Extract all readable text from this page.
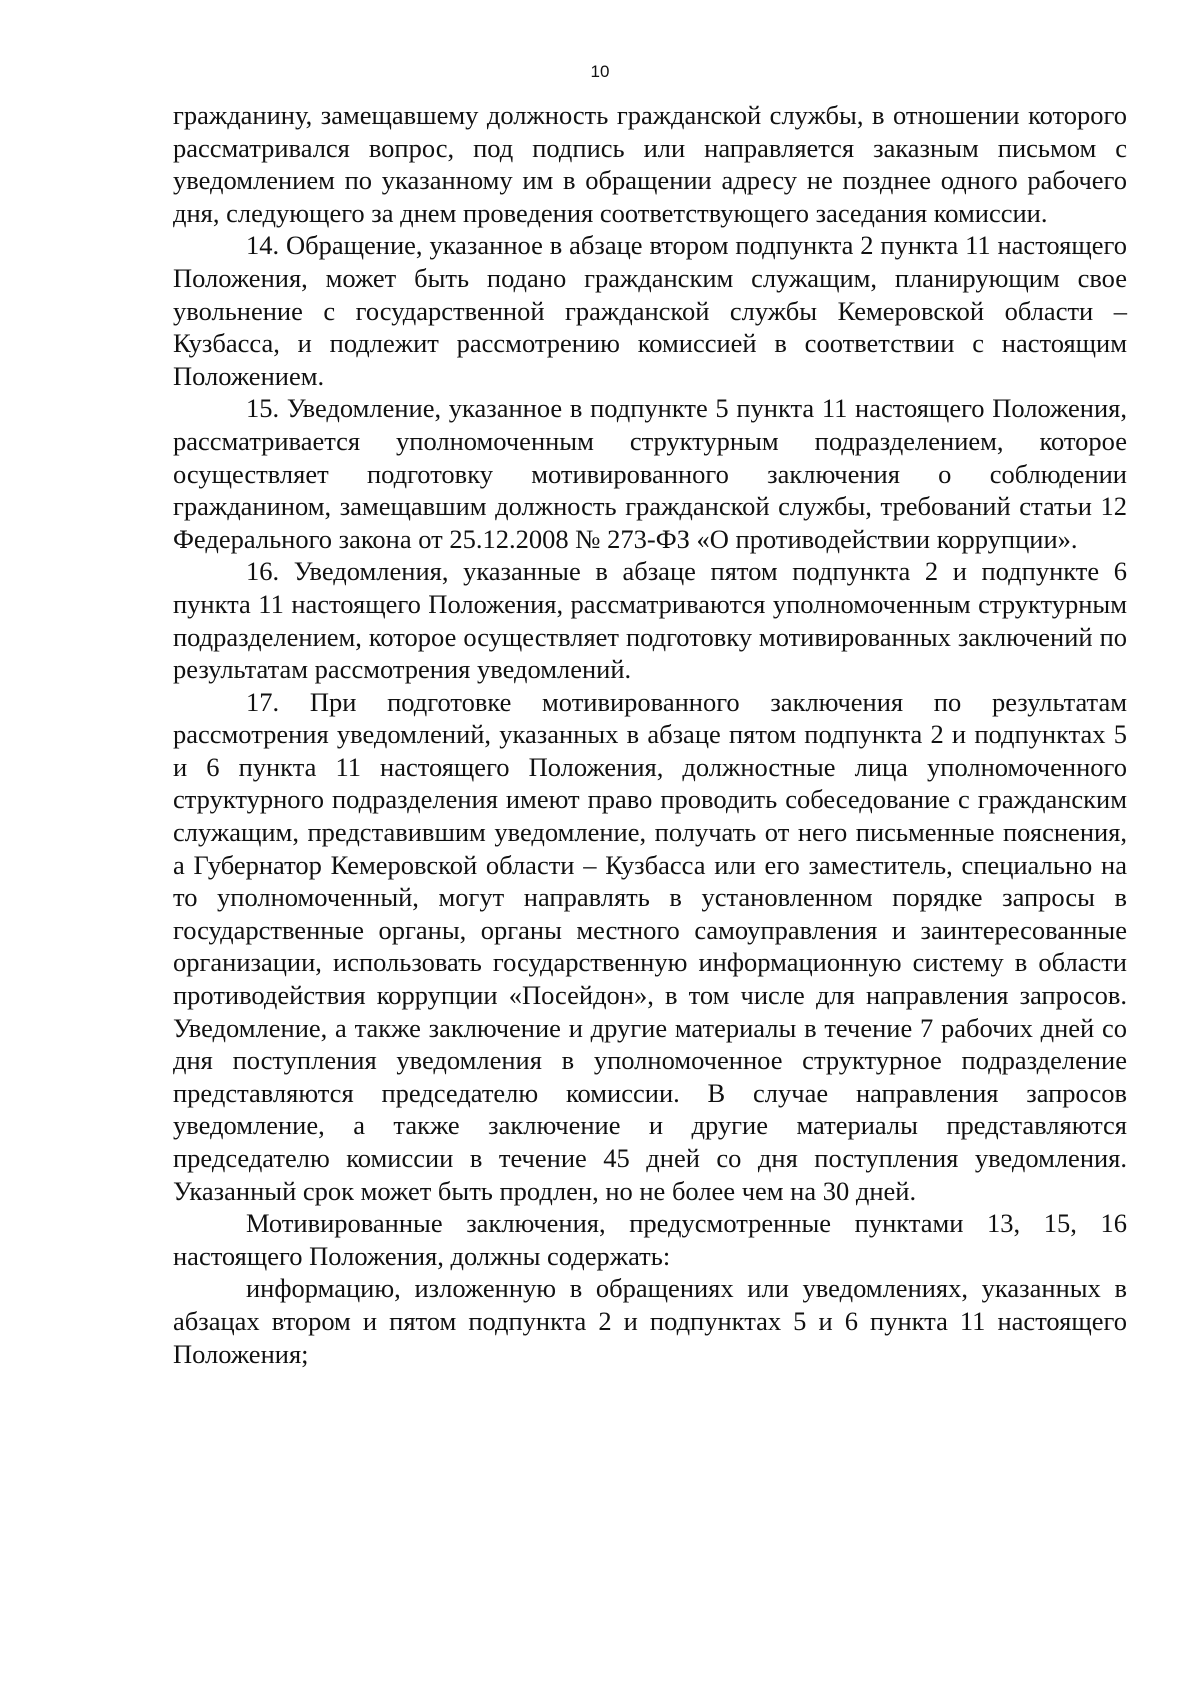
10

гражданину, замещавшему должность гражданской службы, в отношении которого рассматривался вопрос, под подпись или направляется заказным письмом с уведомлением по указанному им в обращении адресу не позднее одного рабочего дня, следующего за днем проведения соответствующего заседания комиссии.

14. Обращение, указанное в абзаце втором подпункта 2 пункта 11 настоящего Положения, может быть подано гражданским служащим, планирующим свое увольнение с государственной гражданской службы Кемеровской области – Кузбасса, и подлежит рассмотрению комиссией в соответствии с настоящим Положением.

15. Уведомление, указанное в подпункте 5 пункта 11 настоящего Положения, рассматривается уполномоченным структурным подразделением, которое осуществляет подготовку мотивированного заключения о соблюдении гражданином, замещавшим должность гражданской службы, требований статьи 12 Федерального закона от 25.12.2008 № 273-ФЗ «О противодействии коррупции».

16. Уведомления, указанные в абзаце пятом подпункта 2 и подпункте 6 пункта 11 настоящего Положения, рассматриваются уполномоченным структурным подразделением, которое осуществляет подготовку мотивированных заключений по результатам рассмотрения уведомлений.

17. При подготовке мотивированного заключения по результатам рассмотрения уведомлений, указанных в абзаце пятом подпункта 2 и подпунктах 5 и 6 пункта 11 настоящего Положения, должностные лица уполномоченного структурного подразделения имеют право проводить собеседование с гражданским служащим, представившим уведомление, получать от него письменные пояснения, а Губернатор Кемеровской области – Кузбасса или его заместитель, специально на то уполномоченный, могут направлять в установленном порядке запросы в государственные органы, органы местного самоуправления и заинтересованные организации, использовать государственную информационную систему в области противодействия коррупции «Посейдон», в том числе для направления запросов. Уведомление, а также заключение и другие материалы в течение 7 рабочих дней со дня поступления уведомления в уполномоченное структурное подразделение представляются председателю комиссии. В случае направления запросов уведомление, а также заключение и другие материалы представляются председателю комиссии в течение 45 дней со дня поступления уведомления. Указанный срок может быть продлен, но не более чем на 30 дней.

Мотивированные заключения, предусмотренные пунктами 13, 15, 16 настоящего Положения, должны содержать:

информацию, изложенную в обращениях или уведомлениях, указанных в абзацах втором и пятом подпункта 2 и подпунктах 5 и 6 пункта 11 настоящего Положения;
